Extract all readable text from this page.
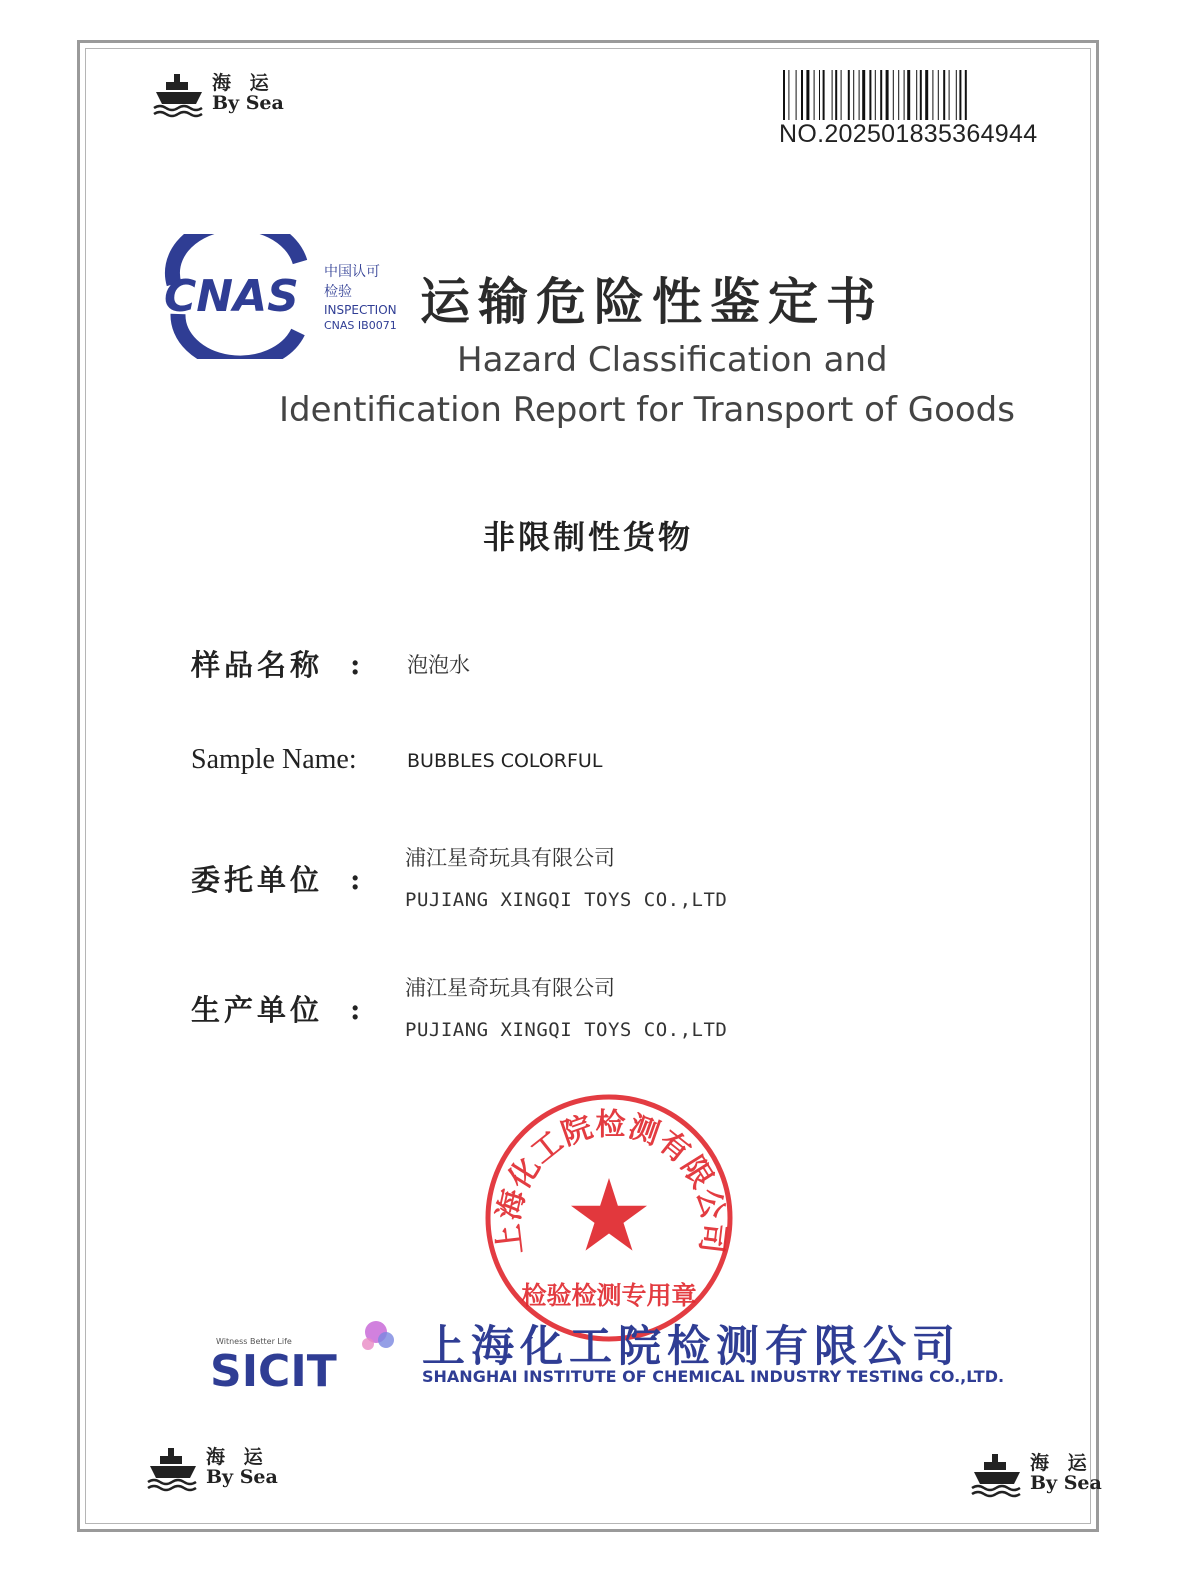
海 运
By Sea
NO.202501835364944
CNAS 中国认可
检验
INSPECTION
CNAS IB0071 运输危险性鉴定书
Hazard Classification and
Identification Report for Transport of Goods
非限制性货物
样品名称 : 泡泡水
Sample Name:	BUBBLES COLORFUL
委托单位 :
浦江星奇玩具有限公司
PUJIANG XINGQI TOYS CO.,LTD
生产单位 :
浦江星奇玩具有限公司
PUJIANG XINGQI TOYS CO.,LTD
上海化工院检测有限公司
检验检测专用章
Witness Better Life
SICIT 上海化工院检测有限公司
SHANGHAI INSTITUTE OF CHEMICAL INDUSTRY TESTING CO.,LTD.
海 运
By Sea
海 运
By Sea
